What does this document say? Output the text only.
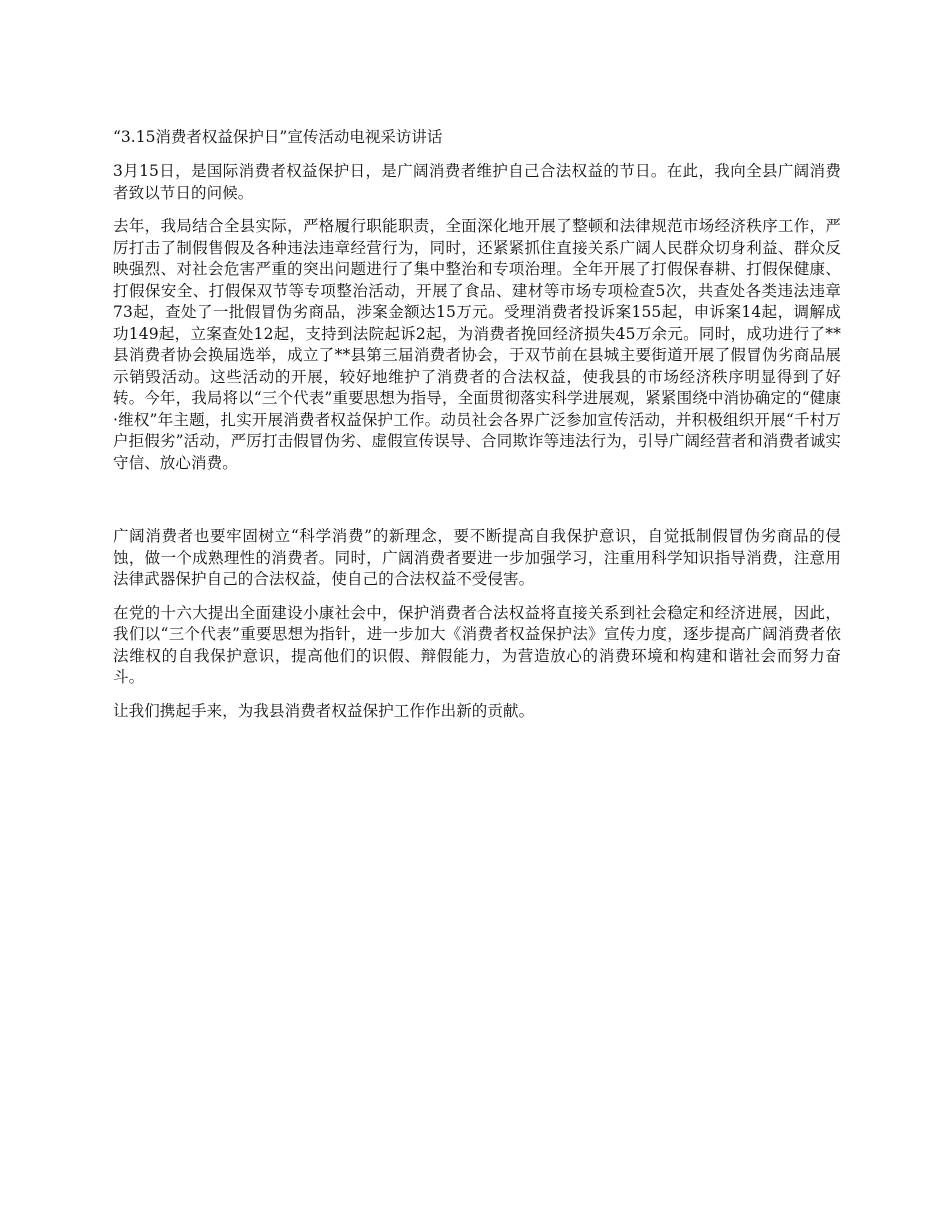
“3.15消费者权益保护日”宣传活动电视采访讲话

3月15日，是国际消费者权益保护日，是广阔消费者维护自己合法权益的节日。在此，我向全县广阔消费者致以节日的问候。

去年，我局结合全县实际，严格履行职能职责，全面深化地开展了整顿和法律规范市场经济秩序工作，严厉打击了制假售假及各种违法违章经营行为，同时，还紧紧抓住直接关系广阔人民群众切身利益、群众反映强烈、对社会危害严重的突出问题进行了集中整治和专项治理。全年开展了打假保春耕、打假保健康、打假保安全、打假保双节等专项整治活动，开展了食品、建材等市场专项检查5次，共查处各类违法违章73起，查处了一批假冒伪劣商品，涉案金额达15万元。受理消费者投诉案155起，申诉案14起，调解成功149起，立案查处12起，支持到法院起诉2起，为消费者挽回经济损失45万余元。同时，成功进行了**县消费者协会换届选举，成立了**县第三届消费者协会，于双节前在县城主要街道开展了假冒伪劣商品展示销毁活动。这些活动的开展，较好地维护了消费者的合法权益，使我县的市场经济秩序明显得到了好转。今年，我局将以“三个代表”重要思想为指导，全面贯彻落实科学进展观，紧紧围绕中消协确定的“健康·维权”年主题，扎实开展消费者权益保护工作。动员社会各界广泛参加宣传活动，并积极组织开展“千村万户拒假劣”活动，严厉打击假冒伪劣、虚假宣传误导、合同欺诈等违法行为，引导广阔经营者和消费者诚实守信、放心消费。

广阔消费者也要牢固树立“科学消费”的新理念，要不断提高自我保护意识，自觉抵制假冒伪劣商品的侵蚀，做一个成熟理性的消费者。同时，广阔消费者要进一步加强学习，注重用科学知识指导消费，注意用法律武器保护自己的合法权益，使自己的合法权益不受侵害。

在党的十六大提出全面建设小康社会中，保护消费者合法权益将直接关系到社会稳定和经济进展，因此，我们以“三个代表”重要思想为指针，进一步加大《消费者权益保护法》宣传力度，逐步提高广阔消费者依法维权的自我保护意识，提高他们的识假、辩假能力，为营造放心的消费环境和构建和谐社会而努力奋斗。

让我们携起手来，为我县消费者权益保护工作作出新的贡献。
